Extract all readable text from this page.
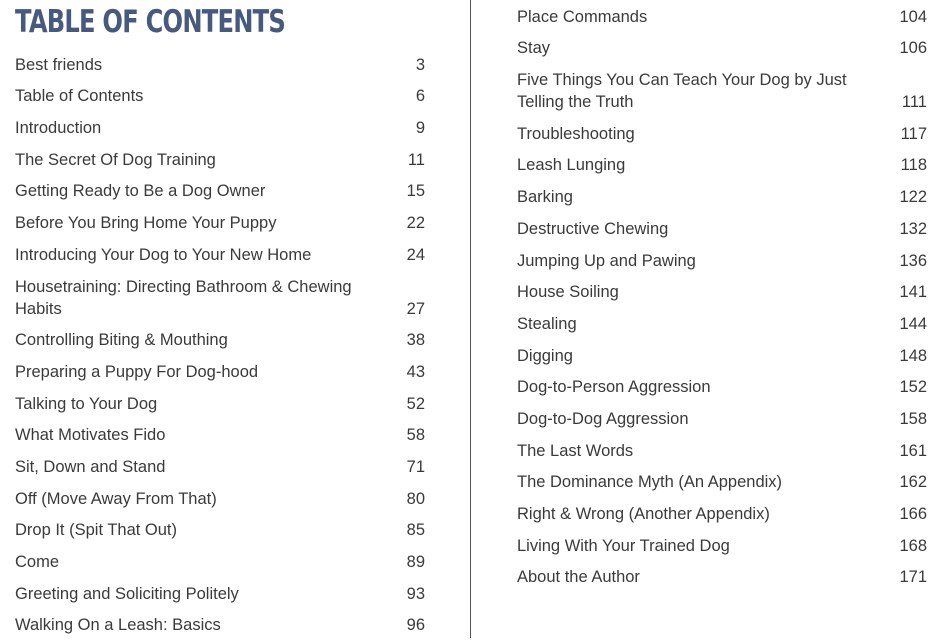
TABLE OF CONTENTS
Best friends	3
Table of Contents	6
Introduction	9
The Secret Of Dog Training	11
Getting Ready to Be a Dog Owner	15
Before You Bring Home Your Puppy	22
Introducing Your Dog to Your New Home	24
Housetraining: Directing Bathroom & Chewing Habits	27
Controlling Biting & Mouthing	38
Preparing a Puppy For Dog-hood	43
Talking to Your Dog	52
What Motivates Fido	58
Sit, Down and Stand	71
Off (Move Away From That)	80
Drop It (Spit That Out)	85
Come	89
Greeting and Soliciting Politely	93
Walking On a Leash: Basics	96
Place Commands	104
Stay	106
Five Things You Can Teach Your Dog by Just Telling the Truth	111
Troubleshooting	117
Leash Lunging	118
Barking	122
Destructive Chewing	132
Jumping Up and Pawing	136
House Soiling	141
Stealing	144
Digging	148
Dog-to-Person Aggression	152
Dog-to-Dog Aggression	158
The Last Words	161
The Dominance Myth (An Appendix)	162
Right & Wrong (Another Appendix)	166
Living With Your Trained Dog	168
About the Author	171
